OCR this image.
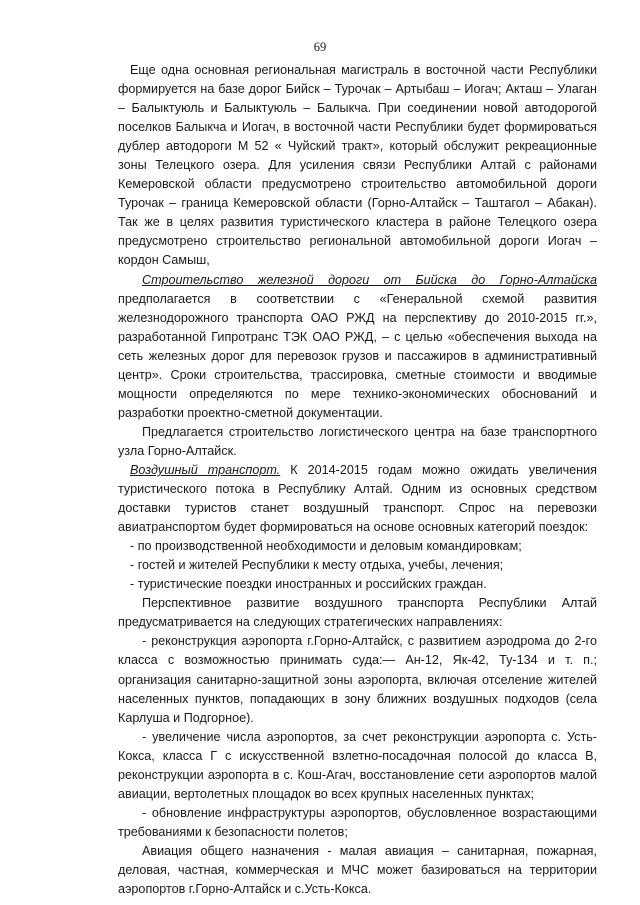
69

Еще одна основная региональная магистраль в восточной части Республики формируется на базе дорог Бийск – Турочак – Артыбаш – Иогач; Акташ – Улаган – Балыктуюль и Балыктуюль – Балыкча. При соединении новой автодорогой поселков Балыкча и Иогач, в восточной части Республики будет формироваться дублер автодороги М 52 « Чуйский тракт», который обслужит рекреационные зоны Телецкого озера. Для усиления связи Республики Алтай с районами Кемеровской области предусмотрено строительство автомобильной дороги Турочак – граница Кемеровской области (Горно-Алтайск – Таштагол – Абакан). Так же в целях развития туристического кластера в районе Телецкого озера предусмотрено строительство региональной автомобильной дороги Иогач – кордон Самыш,

Строительство железной дороги от Бийска до Горно-Алтайска предполагается в соответствии с «Генеральной схемой развития железнодорожного транспорта ОАО РЖД на перспективу до 2010-2015 гг.», разработанной Гипротранс ТЭК ОАО РЖД, – с целью «обеспечения выхода на сеть железных дорог для перевозок грузов и пассажиров в административный центр». Сроки строительства, трассировка, сметные стоимости и вводимые мощности определяются по мере технико-экономических обоснований и разработки проектно-сметной документации.

Предлагается строительство логистического центра на базе транспортного узла Горно-Алтайск.

Воздушный транспорт. К 2014-2015 годам можно ожидать увеличения туристического потока в Республику Алтай. Одним из основных средством доставки туристов станет воздушный транспорт. Спрос на перевозки авиатранспортом будет формироваться на основе основных категорий поездок:

- по производственной необходимости и деловым командировкам;

- гостей и жителей Республики к месту отдыха, учебы, лечения;

- туристические поездки иностранных и российских граждан.

Перспективное развитие воздушного транспорта Республики Алтай предусматривается на следующих стратегических направлениях:

- реконструкция аэропорта г.Горно-Алтайск, с развитием аэродрома до 2-го класса с возможностью принимать суда:— Ан-12, Як-42, Ту-134 и т. п.; организация санитарно-защитной зоны аэропорта, включая отселение жителей населенных пунктов, попадающих в зону ближних воздушных подходов (села Карлуша и Подгорное).

- увеличение числа аэропортов, за счет реконструкции аэропорта с. Усть-Кокса, класса Г с искусственной взлетно-посадочная полосой до класса В, реконструкции аэропорта в с. Кош-Агач, восстановление сети аэропортов малой авиации, вертолетных площадок во всех крупных населенных пунктах;

- обновление инфраструктуры аэропортов, обусловленное возрастающими требованиями к безопасности полетов;

Авиация общего назначения - малая авиация – санитарная, пожарная, деловая, частная, коммерческая и МЧС может базироваться на территории аэропортов г.Горно-Алтайск и с.Усть-Кокса.
